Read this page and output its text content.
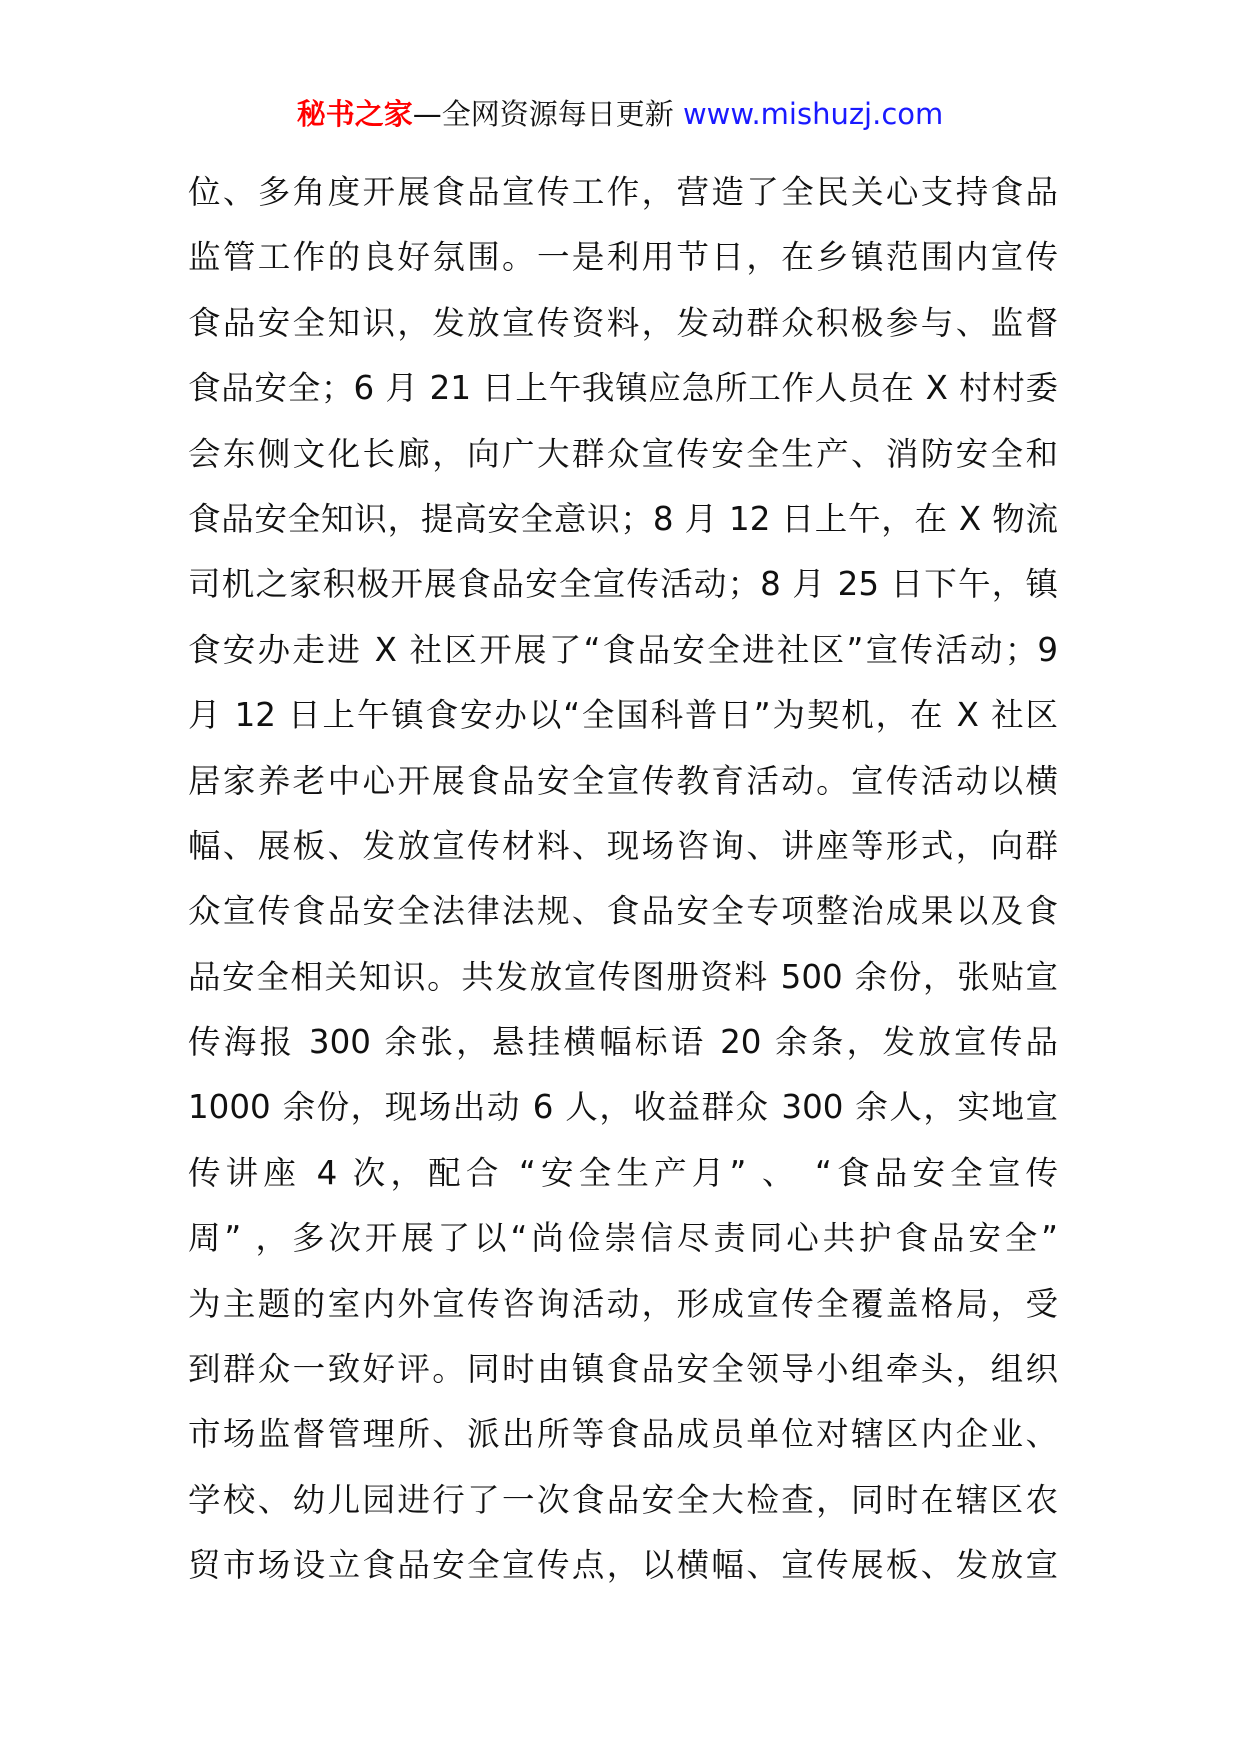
秘书之家—全网资源每日更新 www.mishuzj.com
位、多角度开展食品宣传工作，营造了全民关心支持食品
监管工作的良好氛围。一是利用节日，在乡镇范围内宣传
食品安全知识，发放宣传资料，发动群众积极参与、监督
食品安全；6 月 21 日上午我镇应急所工作人员在 X 村村委
会东侧文化长廊，向广大群众宣传安全生产、消防安全和
食品安全知识，提高安全意识；8 月 12 日上午，在 X 物流
司机之家积极开展食品安全宣传活动；8 月 25 日下午，镇
食安办走进 X 社区开展了“食品安全进社区”宣传活动；9
月 12 日上午镇食安办以“全国科普日”为契机，在 X 社区
居家养老中心开展食品安全宣传教育活动。宣传活动以横
幅、展板、发放宣传材料、现场咨询、讲座等形式，向群
众宣传食品安全法律法规、食品安全专项整治成果以及食
品安全相关知识。共发放宣传图册资料 500 余份，张贴宣
传海报 300 余张，悬挂横幅标语 20 余条，发放宣传品
1000 余份，现场出动 6 人，收益群众 300 余人，实地宣
传讲座 4 次，配合 “安全生产月” 、 “食品安全宣传
周” ，多次开展了以“尚俭崇信尽责同心共护食品安全”
为主题的室内外宣传咨询活动，形成宣传全覆盖格局，受
到群众一致好评。同时由镇食品安全领导小组牵头，组织
市场监督管理所、派出所等食品成员单位对辖区内企业、
学校、幼儿园进行了一次食品安全大检查，同时在辖区农
贸市场设立食品安全宣传点，以横幅、宣传展板、发放宣
